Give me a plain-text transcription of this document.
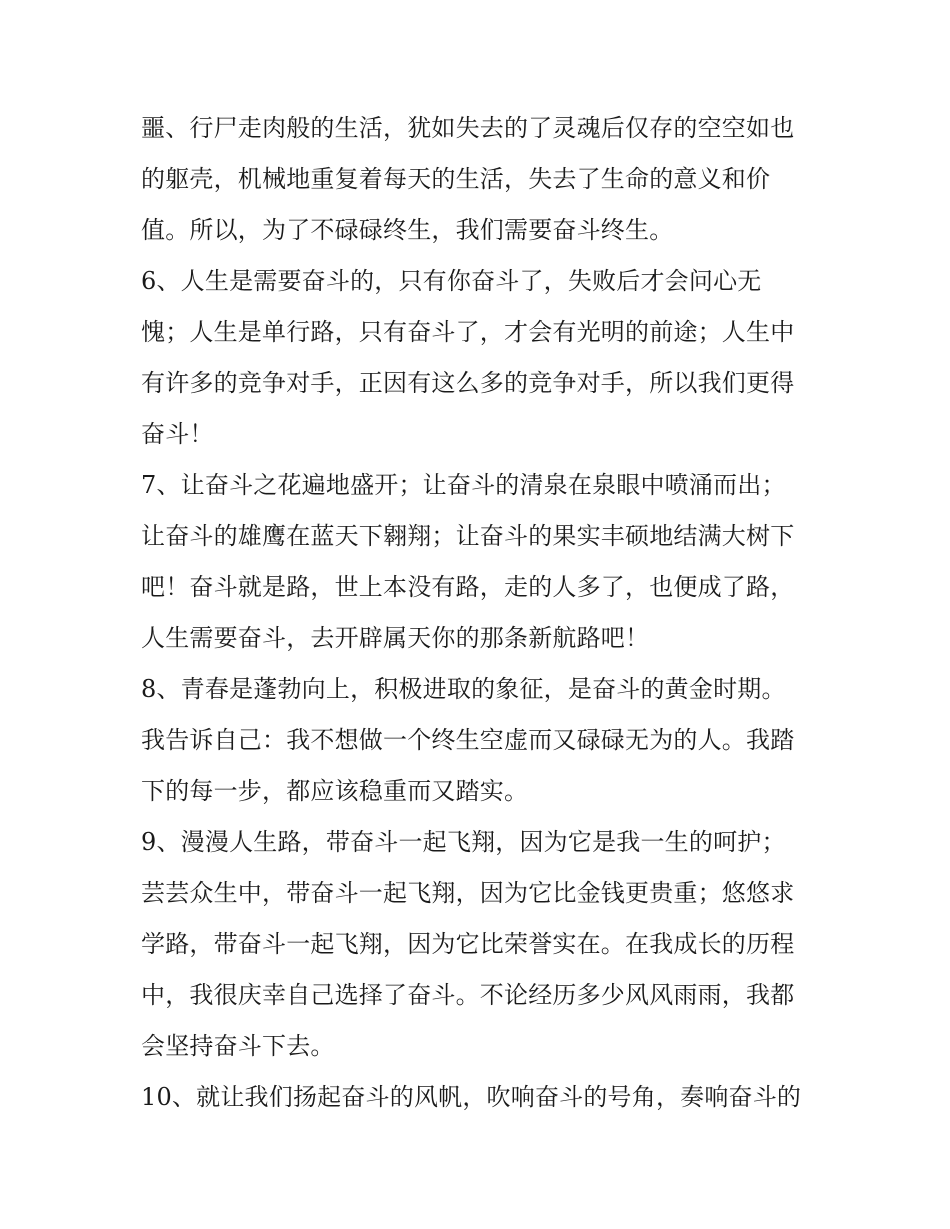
噩、行尸走肉般的生活，犹如失去的了灵魂后仅存的空空如也
的躯壳，机械地重复着每天的生活，失去了生命的意义和价
值。所以，为了不碌碌终生，我们需要奋斗终生。
6、人生是需要奋斗的，只有你奋斗了，失败后才会问心无
愧；人生是单行路，只有奋斗了，才会有光明的前途；人生中
有许多的竞争对手，正因有这么多的竞争对手，所以我们更得
奋斗！
7、让奋斗之花遍地盛开；让奋斗的清泉在泉眼中喷涌而出；
让奋斗的雄鹰在蓝天下翱翔；让奋斗的果实丰硕地结满大树下
吧！奋斗就是路，世上本没有路，走的人多了，也便成了路，
人生需要奋斗，去开辟属天你的那条新航路吧！
8、青春是蓬勃向上，积极进取的象征，是奋斗的黄金时期。
我告诉自己：我不想做一个终生空虚而又碌碌无为的人。我踏
下的每一步，都应该稳重而又踏实。
9、漫漫人生路，带奋斗一起飞翔，因为它是我一生的呵护；
芸芸众生中，带奋斗一起飞翔，因为它比金钱更贵重；悠悠求
学路，带奋斗一起飞翔，因为它比荣誉实在。在我成长的历程
中，我很庆幸自己选择了奋斗。不论经历多少风风雨雨，我都
会坚持奋斗下去。
10、就让我们扬起奋斗的风帆，吹响奋斗的号角，奏响奋斗的
